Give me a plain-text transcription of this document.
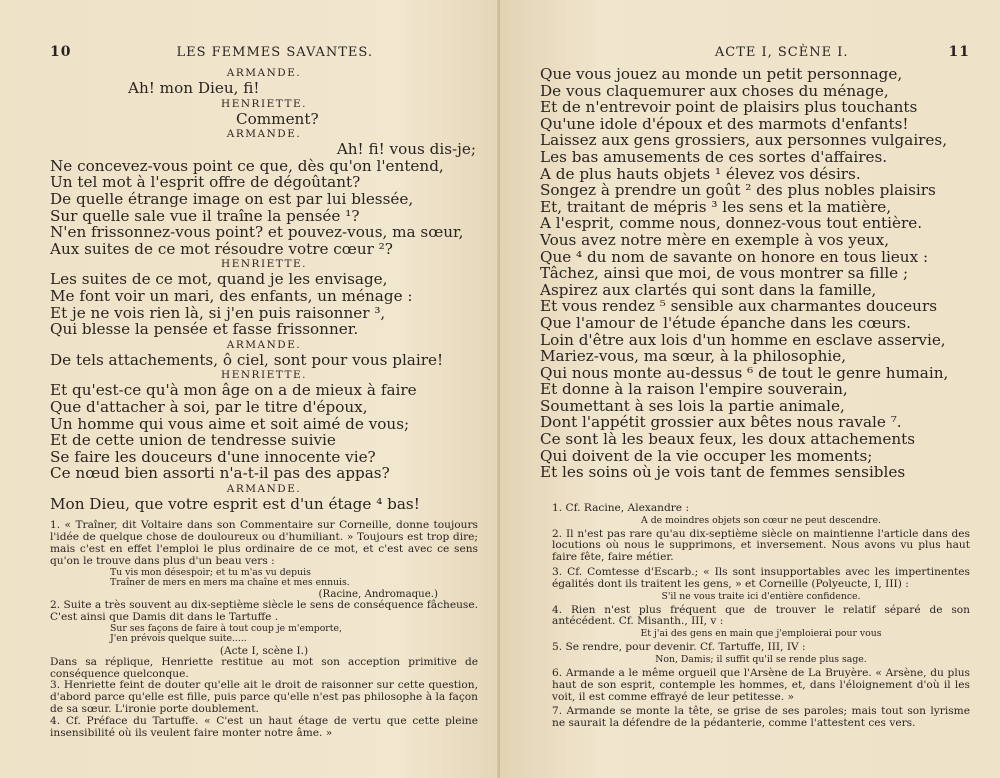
10	LES FEMMES SAVANTES.
ARMANDE.
Ah! mon Dieu, fi!
HENRIETTE.
Comment?
ARMANDE.
Ah! fi! vous dis-je;
Ne concevez-vous point ce que, dès qu'on l'entend,
Un tel mot à l'esprit offre de dégoûtant?
De quelle étrange image on est par lui blessée,
Sur quelle sale vue il traîne la pensée ¹?
N'en frissonnez-vous point? et pouvez-vous, ma sœur,
Aux suites de ce mot résoudre votre cœur ²?
HENRIETTE.
Les suites de ce mot, quand je les envisage,
Me font voir un mari, des enfants, un ménage :
Et je ne vois rien là, si j'en puis raisonner ³,
Qui blesse la pensée et fasse frissonner.
ARMANDE.
De tels attachements, ô ciel, sont pour vous plaire!
HENRIETTE.
Et qu'est-ce qu'à mon âge on a de mieux à faire
Que d'attacher à soi, par le titre d'époux,
Un homme qui vous aime et soit aimé de vous;
Et de cette union de tendresse suivie
Se faire les douceurs d'une innocente vie?
Ce nœud bien assorti n'a-t-il pas des appas?
ARMANDE.
Mon Dieu, que votre esprit est d'un étage ⁴ bas!
1. « Traîner, dit Voltaire dans son Commentaire sur Corneille, donne toujours l'idée de quelque chose de douloureux ou d'humiliant. » Toujours est trop dire; mais c'est en effet l'emploi le plus ordinaire de ce mot, et c'est avec ce sens qu'on le trouve dans plus d'un beau vers :
Tu vis mon désespoir; et tu m'as vu depuis
Traîner de mers en mers ma chaîne et mes ennuis.
(Racine, Andromaque.)
2. Suite a très souvent au dix-septième siècle le sens de conséquence fâcheuse. C'est ainsi que Damis dit dans le Tartuffe .
Sur ses façons de faire à tout coup je m'emporte,
J'en prévois quelque suite.....
(Acte I, scène I.)
Dans sa réplique, Henriette restitue au mot son acception primitive de conséquence quelconque.
3. Henriette feint de douter qu'elle ait le droit de raisonner sur cette question, d'abord parce qu'elle est fille, puis parce qu'elle n'est pas philosophe à la façon de sa sœur. L'ironie porte doublement.
4. Cf. Préface du Tartuffe. « C'est un haut étage de vertu que cette pleine insensibilité où ils veulent faire monter notre âme. »
ACTE I, SCÈNE I.	11
Que vous jouez au monde un petit personnage,
De vous claquemurer aux choses du ménage,
Et de n'entrevoir point de plaisirs plus touchants
Qu'une idole d'époux et des marmots d'enfants!
Laissez aux gens grossiers, aux personnes vulgaires,
Les bas amusements de ces sortes d'affaires.
A de plus hauts objets ¹ élevez vos désirs.
Songez à prendre un goût ² des plus nobles plaisirs
Et, traitant de mépris ³ les sens et la matière,
A l'esprit, comme nous, donnez-vous tout entière.
Vous avez notre mère en exemple à vos yeux,
Que ⁴ du nom de savante on honore en tous lieux :
Tâchez, ainsi que moi, de vous montrer sa fille ;
Aspirez aux clartés qui sont dans la famille,
Et vous rendez ⁵ sensible aux charmantes douceurs
Que l'amour de l'étude épanche dans les cœurs.
Loin d'être aux lois d'un homme en esclave asservie,
Mariez-vous, ma sœur, à la philosophie,
Qui nous monte au-dessus ⁶ de tout le genre humain,
Et donne à la raison l'empire souverain,
Soumettant à ses lois la partie animale,
Dont l'appétit grossier aux bêtes nous ravale ⁷.
Ce sont là les beaux feux, les doux attachements
Qui doivent de la vie occuper les moments;
Et les soins où je vois tant de femmes sensibles
1. Cf. Racine, Alexandre :
A de moindres objets son cœur ne peut descendre.
2. Il n'est pas rare qu'au dix-septième siècle on maintienne l'article dans des locutions où nous le supprimons, et inversement. Nous avons vu plus haut faire fête, faire métier.
3. Cf. Comtesse d'Escarb.; « Ils sont insupportables avec les impertinentes égalités dont ils traitent les gens, » et Corneille (Polyeucte, I, III) :
S'il ne vous traite ici d'entière confidence.
4. Rien n'est plus fréquent que de trouver le relatif séparé de son antécédent. Cf. Misanth., III, v :
Et j'ai des gens en main que j'emploierai pour vous
5. Se rendre, pour devenir. Cf. Tartuffe, III, IV :
Non, Damis; il suffit qu'il se rende plus sage.
6. Armande a le même orgueil que l'Arsène de La Bruyère. « Arsène, du plus haut de son esprit, contemple les hommes, et, dans l'éloignement d'où il les voit, il est comme effrayé de leur petitesse. »
7. Armande se monte la tête, se grise de ses paroles; mais tout son lyrisme ne saurait la défendre de la pédanterie, comme l'attestent ces vers.
